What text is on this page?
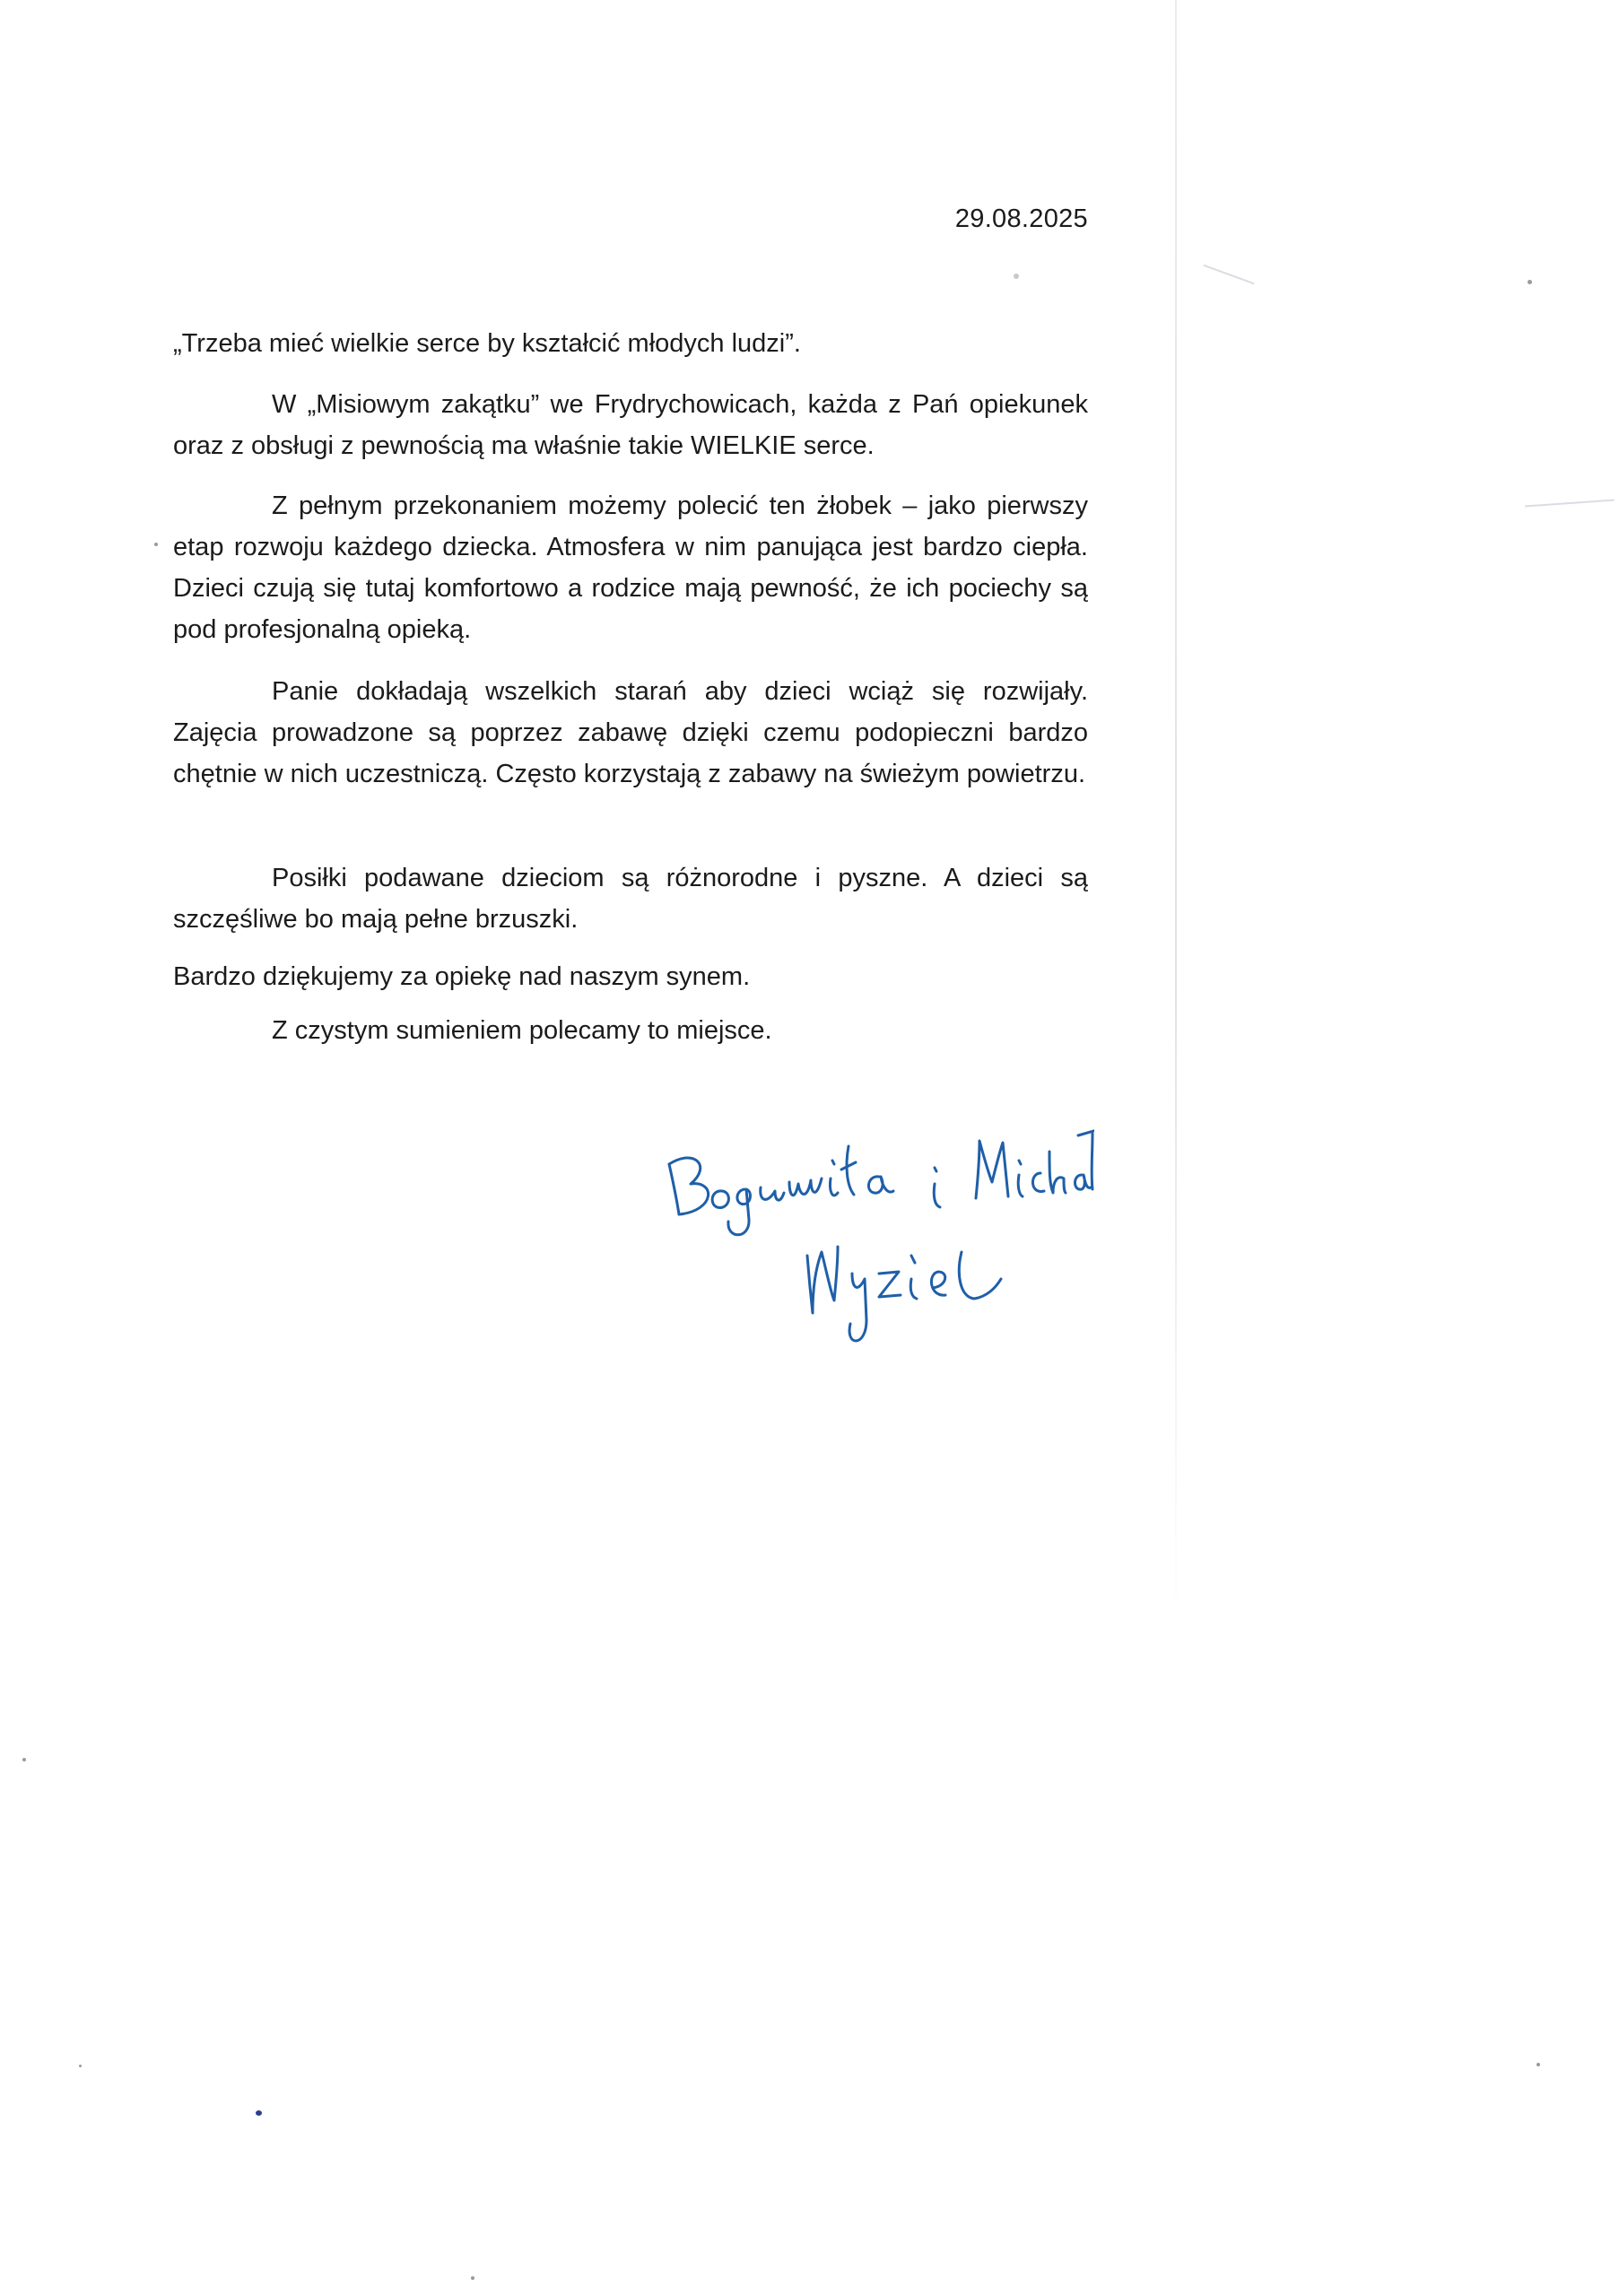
29.08.2025
„Trzeba mieć wielkie serce by kształcić młodych ludzi”.
W „Misiowym zakątku” we Frydrychowicach, każda z Pań opiekunek oraz z obsługi z pewnością ma właśnie takie WIELKIE serce.
Z pełnym przekonaniem możemy polecić ten żłobek – jako pierwszy etap rozwoju każdego dziecka. Atmosfera w nim panująca jest bardzo ciepła. Dzieci czują się tutaj komfortowo a rodzice mają pewność, że ich pociechy są pod profesjonalną opieką.
Panie dokładają wszelkich starań aby dzieci wciąż się rozwijały. Zajęcia prowadzone są poprzez zabawę dzięki czemu podopieczni bardzo chętnie w nich uczestniczą. Często korzystają z zabawy na świeżym powietrzu.
Posiłki podawane dzieciom są różnorodne i pyszne. A dzieci są szczęśliwe bo mają pełne brzuszki.
Bardzo dziękujemy za opiekę nad naszym synem.
Z czystym sumieniem polecamy to miejsce.
